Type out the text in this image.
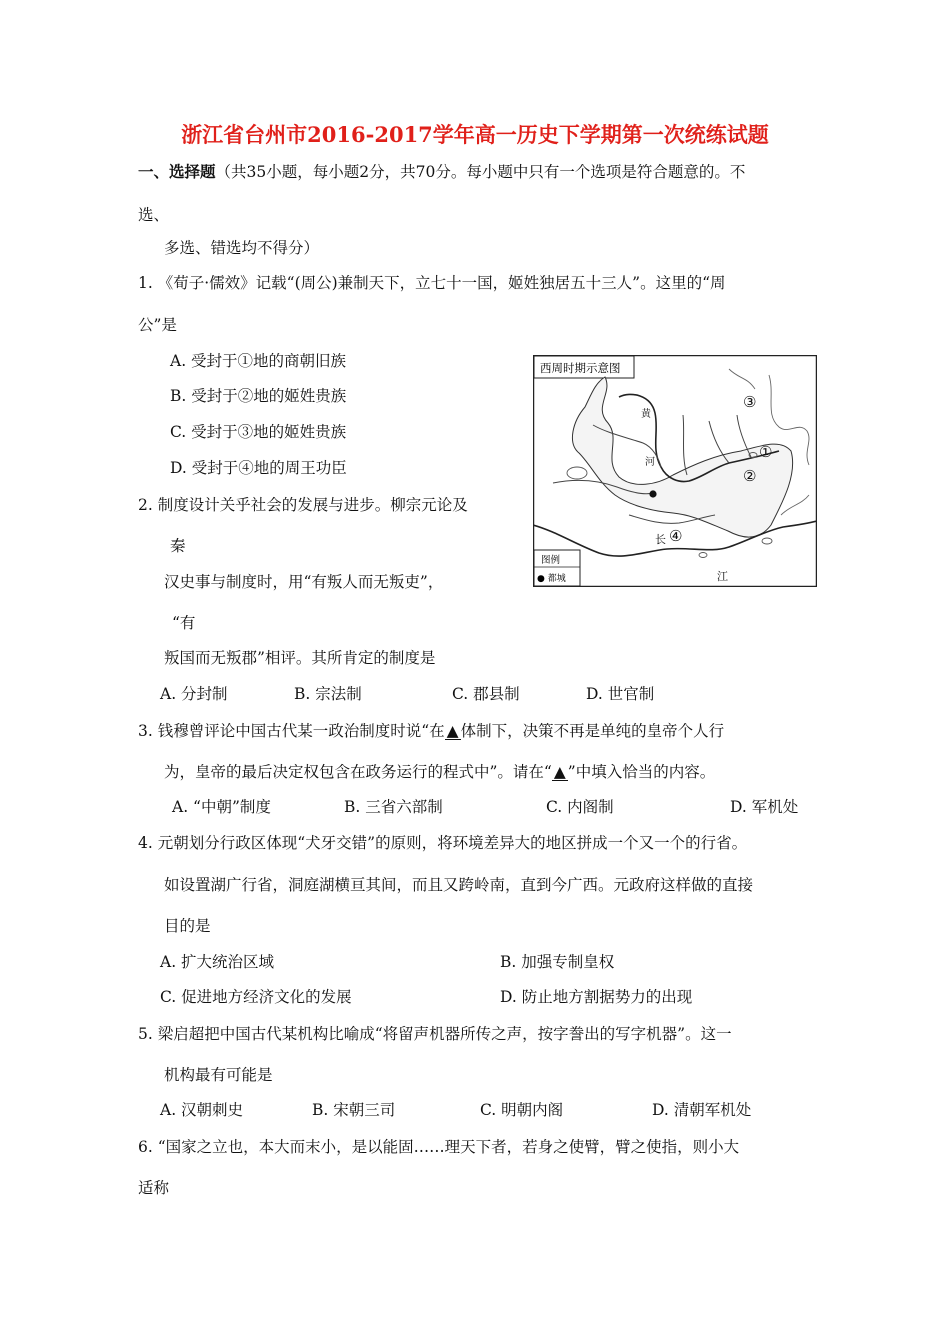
浙江省台州市2016-2017学年高一历史下学期第一次统练试题
一、选择题（共35小题，每小题2分，共70分。每小题中只有一个选项是符合题意的。不
选、
多选、错选均不得分）
1. 《荀子·儒效》记载“(周公)兼制天下，立七十一国，姬姓独居五十三人”。这里的“周
公”是
A. 受封于①地的商朝旧族
B. 受封于②地的姬姓贵族
C. 受封于③地的姬姓贵族
D. 受封于④地的周王功臣
西周时期示意图
①
②
③
④
黄
河
长
江
图例
● 都城
2. 制度设计关乎社会的发展与进步。柳宗元论及
秦
汉史事与制度时，用“有叛人而无叛吏”，
“有
叛国而无叛郡”相评。其所肯定的制度是
A. 分封制	B. 宗法制	C. 郡县制	D. 世官制
3. 钱穆曾评论中国古代某一政治制度时说“在 ▲ 体制下，决策不再是单纯的皇帝个人行
为，皇帝的最后决定权包含在政务运行的程式中”。请在“ ▲ ”中填入恰当的内容。
A. “中朝”制度	B. 三省六部制	C. 内阁制	D. 军机处
4. 元朝划分行政区体现“犬牙交错”的原则，将环境差异大的地区拼成一个又一个的行省。
如设置湖广行省，洞庭湖横亘其间，而且又跨岭南，直到今广西。元政府这样做的直接
目的是
A. 扩大统治区域	B. 加强专制皇权
C. 促进地方经济文化的发展	D. 防止地方割据势力的出现
5. 梁启超把中国古代某机构比喻成“将留声机器所传之声，按字誊出的写字机器”。这一
机构最有可能是
A. 汉朝刺史	B. 宋朝三司	C. 明朝内阁	D. 清朝军机处
6. “国家之立也，本大而末小，是以能固……理天下者，若身之使臂，臂之使指，则小大
适称
